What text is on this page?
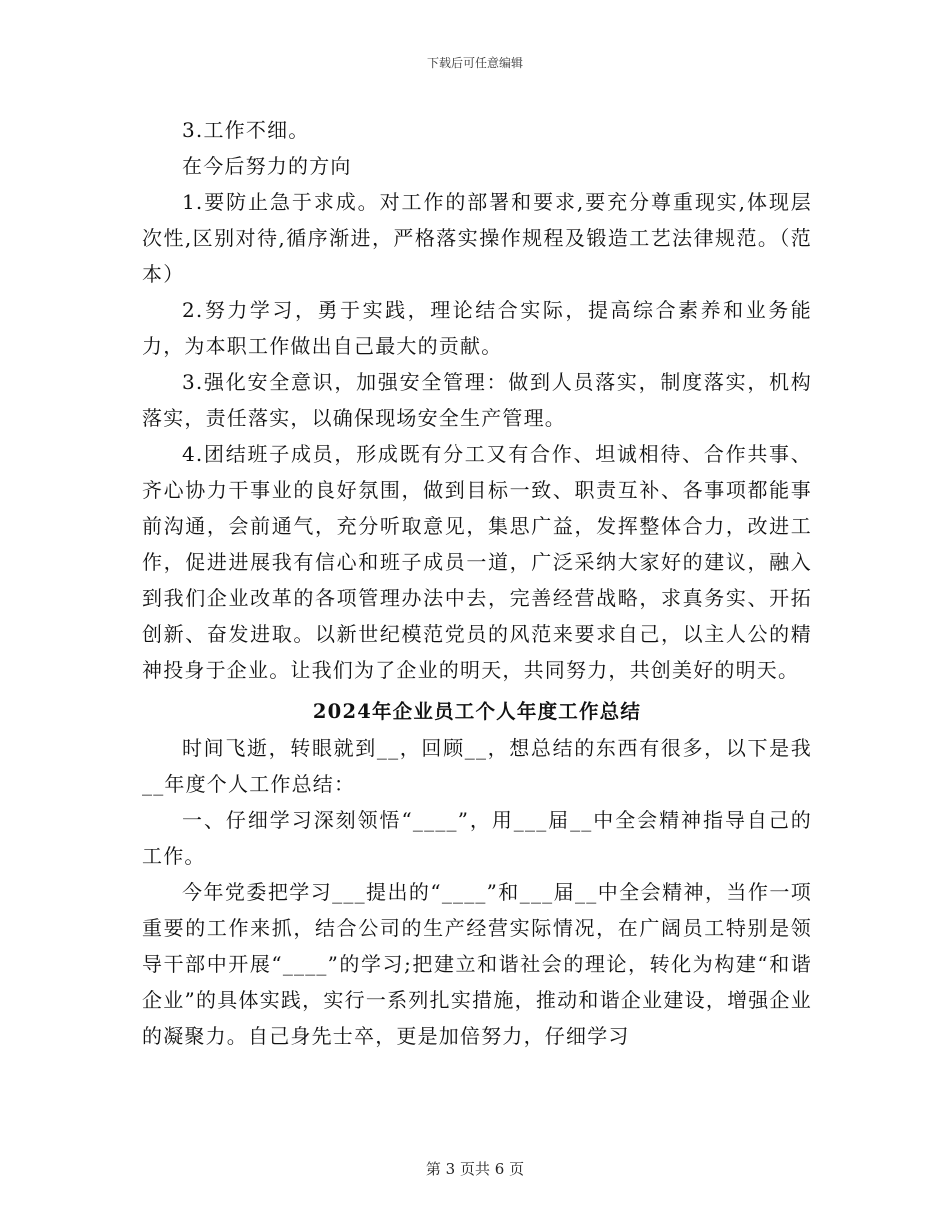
下载后可任意编辑

3.工作不细。

在今后努力的方向

1.要防止急于求成。对工作的部署和要求,要充分尊重现实,体现层次性,区别对待,循序渐进，严格落实操作规程及锻造工艺法律规范。（范本）

2.努力学习，勇于实践，理论结合实际，提高综合素养和业务能力，为本职工作做出自己最大的贡献。

3.强化安全意识，加强安全管理：做到人员落实，制度落实，机构落实，责任落实，以确保现场安全生产管理。

4.团结班子成员，形成既有分工又有合作、坦诚相待、合作共事、齐心协力干事业的良好氛围，做到目标一致、职责互补、各事项都能事前沟通，会前通气，充分听取意见，集思广益，发挥整体合力，改进工作，促进进展我有信心和班子成员一道，广泛采纳大家好的建议，融入到我们企业改革的各项管理办法中去，完善经营战略，求真务实、开拓创新、奋发进取。以新世纪模范党员的风范来要求自己，以主人公的精神投身于企业。让我们为了企业的明天，共同努力，共创美好的明天。

2024年企业员工个人年度工作总结

时间飞逝，转眼就到__，回顾__，想总结的东西有很多，以下是我__年度个人工作总结：

一、仔细学习深刻领悟“____”，用___届__中全会精神指导自己的工作。

今年党委把学习___提出的“____”和___届__中全会精神，当作一项重要的工作来抓，结合公司的生产经营实际情况，在广阔员工特别是领导干部中开展“____”的学习;把建立和谐社会的理论，转化为构建“和谐企业”的具体实践，实行一系列扎实措施，推动和谐企业建设，增强企业的凝聚力。自己身先士卒，更是加倍努力，仔细学习

第 3 页共 6 页
